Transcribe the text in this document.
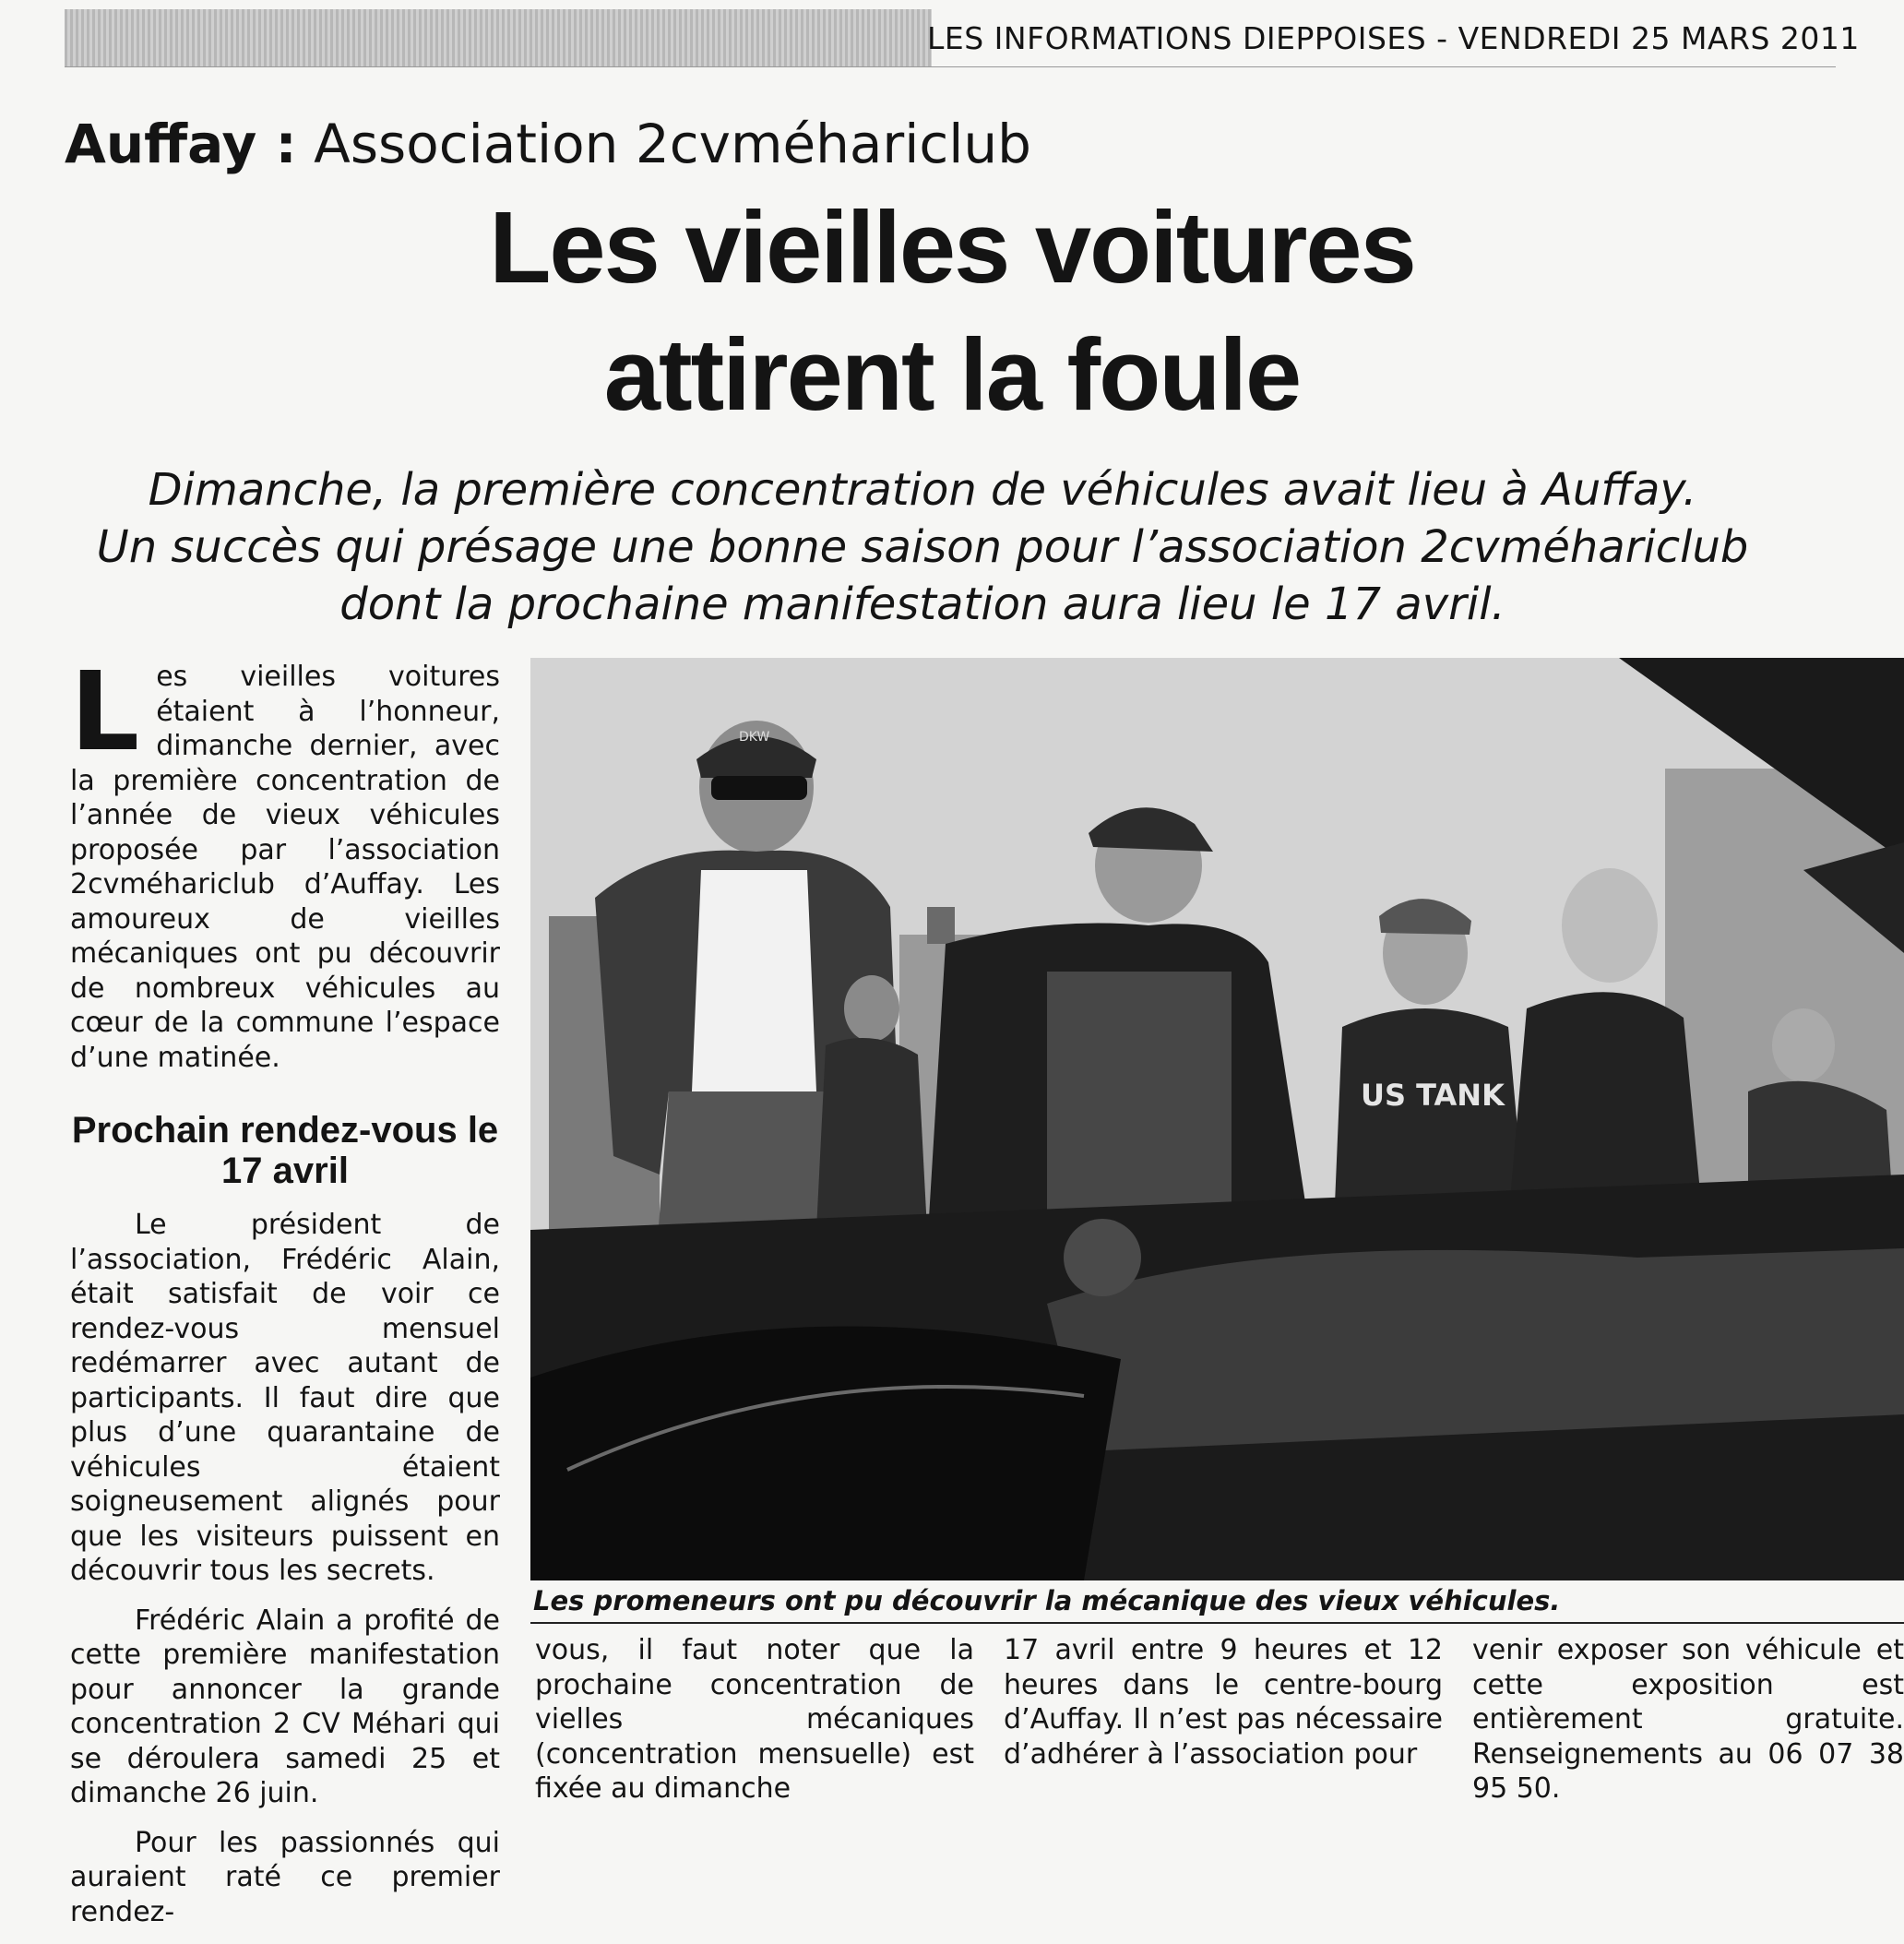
LES INFORMATIONS DIEPPOISES - VENDREDI 25 MARS 2011
Auffay : Association 2cvméhariclub
Les vieilles voitures
attirent la foule
Dimanche, la première concentration de véhicules avait lieu à Auffay.
Un succès qui présage une bonne saison pour l’association 2cvméhariclub
dont la prochaine manifestation aura lieu le 17 avril.

Les vieilles voitures étaient à l’honneur, dimanche dernier, avec la première concentration de l’année de vieux véhicules proposée par l’association 2cvméhariclub d’Auffay. Les amoureux de vieilles mécaniques ont pu découvrir de nombreux véhicules au cœur de la commune l’espace d’une matinée.

Prochain rendez-vous le 17 avril

Le président de l’association, Frédéric Alain, était satisfait de voir ce rendez-vous mensuel redémarrer avec autant de participants. Il faut dire que plus d’une quarantaine de véhicules étaient soigneusement alignés pour que les visiteurs puissent en découvrir tous les secrets.

Frédéric Alain a profité de cette première manifestation pour annoncer la grande concentration 2 CV Méhari qui se déroulera samedi 25 et dimanche 26 juin.

Pour les passionnés qui auraient raté ce premier rendez-

US TANK
DKW
Les promeneurs ont pu découvrir la mécanique des vieux véhicules.

vous, il faut noter que la prochaine concentration de vielles mécaniques (concentration mensuelle) est fixée au dimanche

17 avril entre 9 heures et 12 heures dans le centre-bourg d’Auffay. Il n’est pas nécessaire d’adhérer à l’association pour

venir exposer son véhicule et cette exposition est entièrement gratuite. Renseignements au 06 07 38 95 50.
